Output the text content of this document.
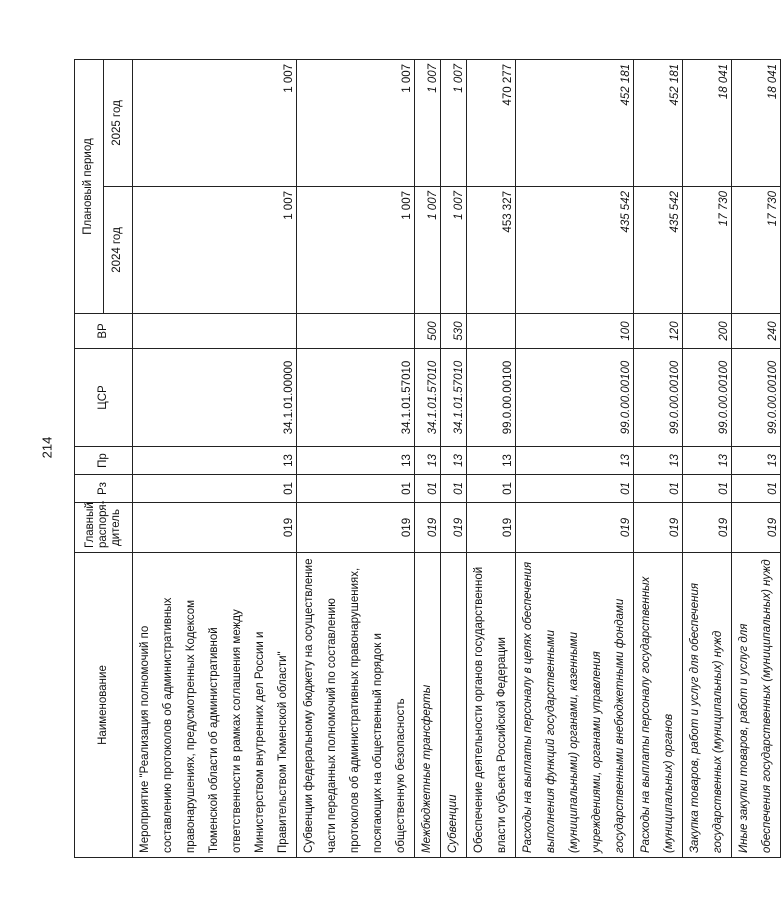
214
Наименование	Главный распоря-дитель	Рз	Пр	ЦСР	ВР	Плановый период	
						2024 год	2025 год
Мероприятие "Реализация полномочий по составлению протоколов об административных правонарушениях, предусмотренных Кодексом Тюменской области об административной ответственности в рамках соглашения между Министерством внутренних дел России и Правительством Тюменской области"	019	01	13	34.1.01.00000		1 007	1 007
Субвенции федеральному бюджету на осуществление части переданных полномочий по составлению протоколов об административных правонарушениях, посягающих на общественный порядок и общественную безопасность	019	01	13	34.1.01.57010		1 007	1 007
Межбюджетные трансферты	019	01	13	34.1.01.57010	500	1 007	1 007
Субвенции	019	01	13	34.1.01.57010	530	1 007	1 007
Обеспечение деятельности органов государственной власти субъекта Российской Федерации	019	01	13	99.0.00.00100		453 327	470 277
Расходы на выплаты персоналу в целях обеспечения выполнения функций государственными (муниципальными) органами, казенными учреждениями, органами управления государственными внебюджетными фондами	019	01	13	99.0.00.00100	100	435 542	452 181
Расходы на выплаты персоналу государственных (муниципальных) органов	019	01	13	99.0.00.00100	120	435 542	452 181
Закупка товаров, работ и услуг для обеспечения государственных (муниципальных) нужд	019	01	13	99.0.00.00100	200	17 730	18 041
Иные закупки товаров, работ и услуг для обеспечения государственных (муниципальных) нужд	019	01	13	99.0.00.00100	240	17 730	18 041
